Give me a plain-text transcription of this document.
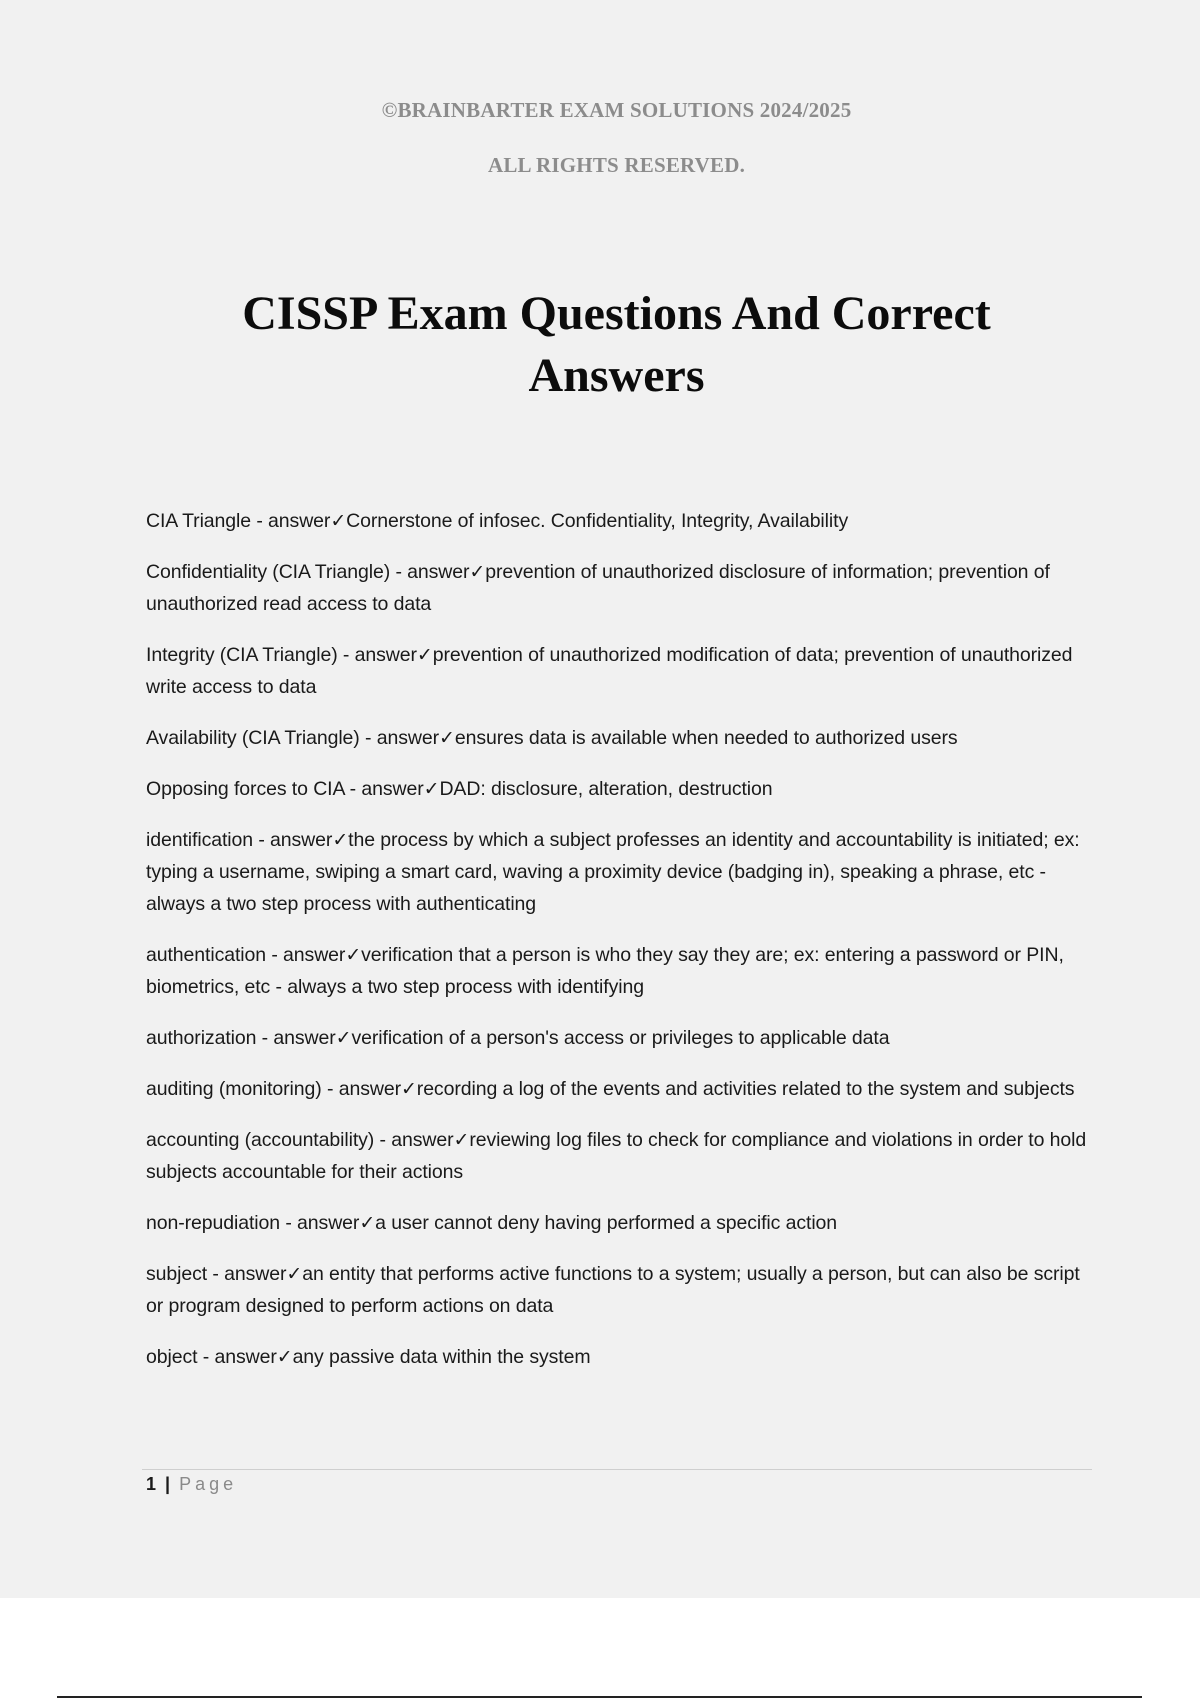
©BRAINBARTER EXAM SOLUTIONS 2024/2025
ALL RIGHTS RESERVED.
CISSP Exam Questions And Correct
Answers
CIA Triangle - answer✓Cornerstone of infosec. Confidentiality, Integrity, Availability
Confidentiality (CIA Triangle) - answer✓prevention of unauthorized disclosure of information; prevention of unauthorized read access to data
Integrity (CIA Triangle) - answer✓prevention of unauthorized modification of data; prevention of unauthorized write access to data
Availability (CIA Triangle) - answer✓ensures data is available when needed to authorized users
Opposing forces to CIA - answer✓DAD: disclosure, alteration, destruction
identification - answer✓the process by which a subject professes an identity and accountability is initiated; ex: typing a username, swiping a smart card, waving a proximity device (badging in), speaking a phrase, etc - always a two step process with authenticating
authentication - answer✓verification that a person is who they say they are; ex: entering a password or PIN, biometrics, etc - always a two step process with identifying
authorization - answer✓verification of a person's access or privileges to applicable data
auditing (monitoring) - answer✓recording a log of the events and activities related to the system and subjects
accounting (accountability) - answer✓reviewing log files to check for compliance and violations in order to hold subjects accountable for their actions
non-repudiation - answer✓a user cannot deny having performed a specific action
subject - answer✓an entity that performs active functions to a system; usually a person, but can also be script or program designed to perform actions on data
object - answer✓any passive data within the system
1 | Page
